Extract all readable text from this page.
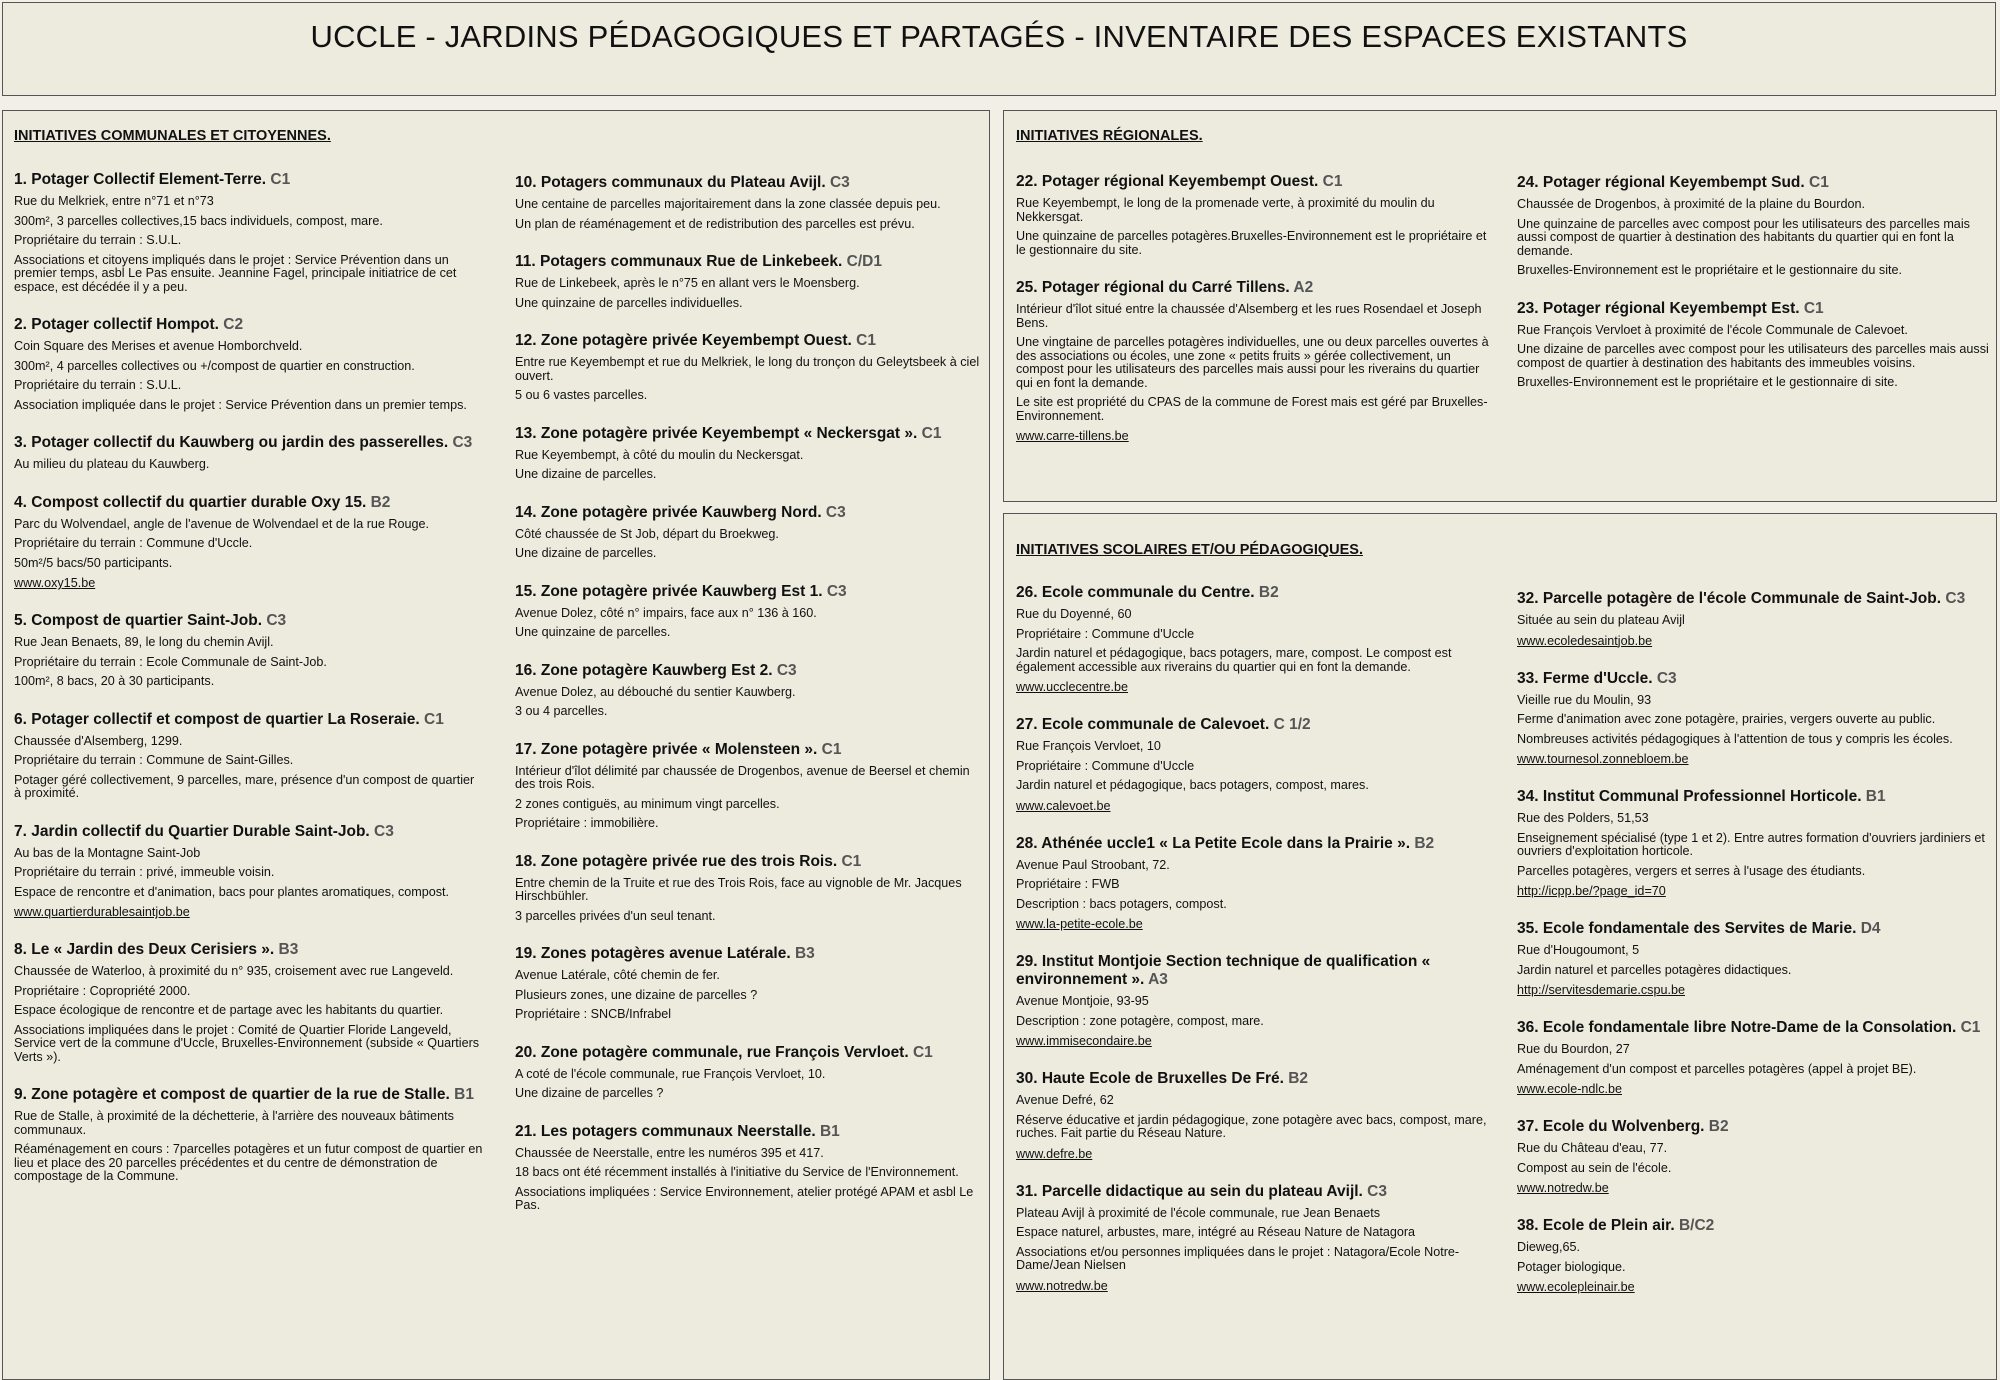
UCCLE - JARDINS PÉDAGOGIQUES ET PARTAGÉS - INVENTAIRE DES ESPACES EXISTANTS
INITIATIVES COMMUNALES ET CITOYENNES.
1. Potager Collectif Element-Terre. C1

Rue du Melkriek, entre n°71 et n°73

300m², 3 parcelles collectives,15 bacs individuels, compost, mare.

Propriétaire du terrain : S.U.L.

Associations et citoyens impliqués dans le projet : Service Prévention dans un premier temps, asbl Le Pas ensuite. Jeannine Fagel, principale initiatrice de cet espace, est décédée il y a peu.

2. Potager collectif Hompot. C2

Coin Square des Merises et avenue Homborchveld.

300m², 4 parcelles collectives ou +/compost de quartier en construction.

Propriétaire du terrain : S.U.L.

Association impliquée dans le projet : Service Prévention dans un premier temps.

3. Potager collectif du Kauwberg ou jardin des passerelles. C3

Au milieu du plateau du Kauwberg.

4. Compost collectif du quartier durable Oxy 15. B2

Parc du Wolvendael, angle de l'avenue de Wolvendael et de la rue Rouge.

Propriétaire du terrain : Commune d'Uccle.

50m²/5 bacs/50 participants.

www.oxy15.be
5. Compost de quartier Saint-Job. C3

Rue Jean Benaets, 89, le long du chemin Avijl.

Propriétaire du terrain : Ecole Communale de Saint-Job.

100m², 8 bacs, 20 à 30 participants.

6. Potager collectif et compost de quartier La Roseraie. C1

Chaussée d'Alsemberg, 1299.

Propriétaire du terrain : Commune de Saint-Gilles.

Potager géré collectivement, 9 parcelles, mare, présence d'un compost de quartier à proximité.

7. Jardin collectif du Quartier Durable Saint-Job. C3

Au bas de la Montagne Saint-Job

Propriétaire du terrain : privé, immeuble voisin.

Espace de rencontre et d'animation, bacs pour plantes aromatiques, compost.

www.quartierdurablesaintjob.be
8. Le « Jardin des Deux Cerisiers ». B3

Chaussée de Waterloo, à proximité du n° 935, croisement avec rue Langeveld.

Propriétaire : Copropriété 2000.

Espace écologique de rencontre et de partage avec les habitants du quartier.

Associations impliquées dans le projet : Comité de Quartier Floride Langeveld, Service vert de la commune d'Uccle, Bruxelles-Environnement (subside « Quartiers Verts »).

9. Zone potagère et compost de quartier de la rue de Stalle. B1

Rue de Stalle, à proximité de la déchetterie, à l'arrière des nouveaux bâtiments communaux.

Réaménagement en cours : 7parcelles potagères et un futur compost de quartier en lieu et place des 20 parcelles précédentes et du centre de démonstration de compostage de la Commune.

10. Potagers communaux du Plateau Avijl. C3

Une centaine de parcelles majoritairement dans la zone classée depuis peu.

Un plan de réaménagement et de redistribution des parcelles est prévu.

11. Potagers communaux Rue de Linkebeek. C/D1

Rue de Linkebeek, après le n°75 en allant vers le Moensberg.

Une quinzaine de parcelles individuelles.

12. Zone potagère privée Keyembempt Ouest. C1

Entre rue Keyembempt et rue du Melkriek, le long du tronçon du Geleytsbeek à ciel ouvert.

5 ou 6 vastes parcelles.

13. Zone potagère privée Keyembempt « Neckersgat ». C1

Rue Keyembempt, à côté du moulin du Neckersgat.

Une dizaine de parcelles.

14. Zone potagère privée Kauwberg Nord. C3

Côté chaussée de St Job, départ du Broekweg.

Une dizaine de parcelles.

15. Zone potagère privée Kauwberg Est 1. C3

Avenue Dolez, côté n° impairs, face aux n° 136 à 160.

Une quinzaine de parcelles.

16. Zone potagère Kauwberg Est 2. C3

Avenue Dolez, au débouché du sentier Kauwberg.

3 ou 4 parcelles.

17. Zone potagère privée « Molensteen ». C1

Intérieur d'îlot délimité par chaussée de Drogenbos, avenue de Beersel et chemin des trois Rois.

2 zones contiguës, au minimum vingt parcelles.

Propriétaire : immobilière.

18. Zone potagère privée rue des trois Rois. C1

Entre chemin de la Truite et rue des Trois Rois, face au vignoble de Mr. Jacques Hirschbühler.

3 parcelles privées d'un seul tenant.

19. Zones potagères avenue Latérale. B3

Avenue Latérale, côté chemin de fer.

Plusieurs zones, une dizaine de parcelles ?

Propriétaire : SNCB/Infrabel

20. Zone potagère communale, rue François Vervloet. C1

A coté de l'école communale, rue François Vervloet, 10.

Une dizaine de parcelles ?

21. Les potagers communaux Neerstalle. B1

Chaussée de Neerstalle, entre les numéros 395 et 417.

18 bacs ont été récemment installés à l'initiative du Service de l'Environnement.

Associations impliquées : Service Environnement, atelier protégé APAM et asbl Le Pas.

INITIATIVES RÉGIONALES.
22. Potager régional Keyembempt Ouest. C1

Rue Keyembempt, le long de la promenade verte, à proximité du moulin du Nekkersgat.

Une quinzaine de parcelles potagères.Bruxelles-Environnement est le propriétaire et le gestionnaire du site.

25. Potager régional du Carré Tillens. A2

Intérieur d'îlot situé entre la chaussée d'Alsemberg et les rues Rosendael et Joseph Bens.

Une vingtaine de parcelles potagères individuelles, une ou deux parcelles ouvertes à des associations ou écoles, une zone « petits fruits » gérée collectivement, un compost pour les utilisateurs des parcelles mais aussi pour les riverains du quartier qui en font la demande.

Le site est propriété du CPAS de la commune de Forest mais est géré par Bruxelles-Environnement.

www.carre-tillens.be
24. Potager régional Keyembempt Sud. C1

Chaussée de Drogenbos, à proximité de la plaine du Bourdon.

Une quinzaine de parcelles avec compost pour les utilisateurs des parcelles mais aussi compost de quartier à destination des habitants du quartier qui en font la demande.

Bruxelles-Environnement est le propriétaire et le gestionnaire du site.

23. Potager régional Keyembempt Est. C1

Rue François Vervloet à proximité de l'école Communale de Calevoet.

Une dizaine de parcelles avec compost pour les utilisateurs des parcelles mais aussi compost de quartier à destination des habitants des immeubles voisins.

Bruxelles-Environnement est le propriétaire et le gestionnaire di site.

INITIATIVES SCOLAIRES ET/OU PÉDAGOGIQUES.
26. Ecole communale du Centre. B2

Rue du Doyenné, 60

Propriétaire : Commune d'Uccle

Jardin naturel et pédagogique, bacs potagers, mare, compost. Le compost est également accessible aux riverains du quartier qui en font la demande.

www.ucclecentre.be
27. Ecole communale de Calevoet. C 1/2

Rue François Vervloet, 10

Propriétaire : Commune d'Uccle

Jardin naturel et pédagogique, bacs potagers, compost, mares.

www.calevoet.be
28. Athénée uccle1 « La Petite Ecole dans la Prairie ». B2

Avenue Paul Stroobant, 72.

Propriétaire : FWB

Description : bacs potagers, compost.

www.la-petite-ecole.be
29. Institut Montjoie Section technique de qualification « environnement ». A3

Avenue Montjoie, 93-95

Description : zone potagère, compost, mare.

www.immisecondaire.be
30. Haute Ecole de Bruxelles De Fré. B2

Avenue Defré, 62

Réserve éducative et jardin pédagogique, zone potagère avec bacs, compost, mare, ruches. Fait partie du Réseau Nature.

www.defre.be
31. Parcelle didactique au sein du plateau Avijl. C3

Plateau Avijl à proximité de l'école communale, rue Jean Benaets

Espace naturel, arbustes, mare, intégré au Réseau Nature de Natagora

Associations et/ou personnes impliquées dans le projet : Natagora/Ecole Notre-Dame/Jean Nielsen

www.notredw.be
32. Parcelle potagère de l'école Communale de Saint-Job. C3

Située au sein du plateau Avijl

www.ecoledesaintjob.be
33. Ferme d'Uccle. C3

Vieille rue du Moulin, 93

Ferme d'animation avec zone potagère, prairies, vergers ouverte au public.

Nombreuses activités pédagogiques à l'attention de tous y compris les écoles.

www.tournesol.zonnebloem.be
34. Institut Communal Professionnel Horticole. B1

Rue des Polders, 51,53

Enseignement spécialisé (type 1 et 2). Entre autres formation d'ouvriers jardiniers et ouvriers d'exploitation horticole.

Parcelles potagères, vergers et serres à l'usage des étudiants.

http://icpp.be/?page_id=70
35. Ecole fondamentale des Servites de Marie. D4

Rue d'Hougoumont, 5

Jardin naturel et parcelles potagères didactiques.

http://servitesdemarie.cspu.be
36. Ecole fondamentale libre Notre-Dame de la Consolation. C1

Rue du Bourdon, 27

Aménagement d'un compost et parcelles potagères (appel à projet BE).

www.ecole-ndlc.be
37. Ecole du Wolvenberg. B2

Rue du Château d'eau, 77.

Compost au sein de l'école.

www.notredw.be
38. Ecole de Plein air. B/C2

Dieweg,65.

Potager biologique.

www.ecolepleinair.be
